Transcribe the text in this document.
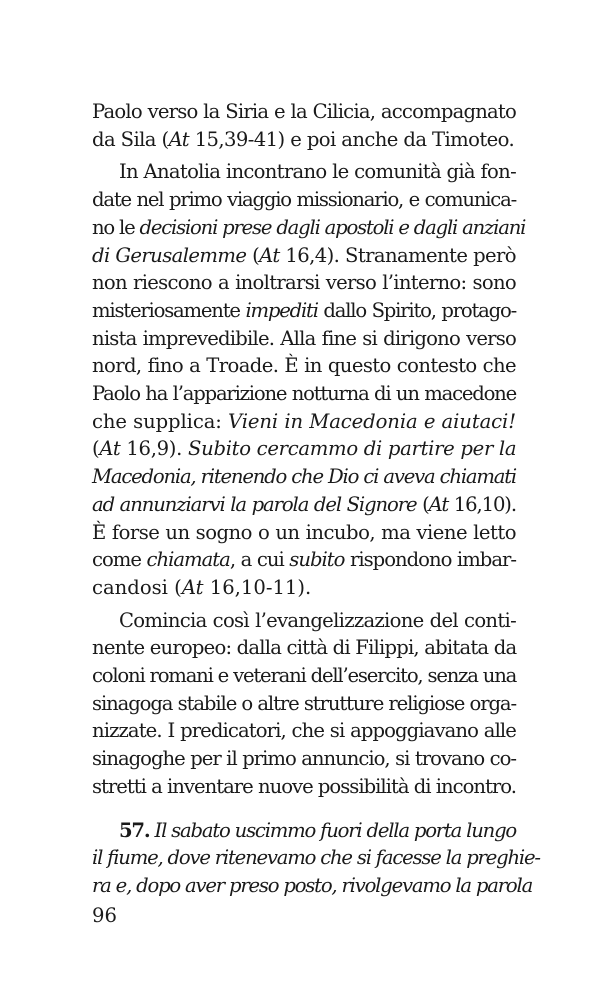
Paolo verso la Siria e la Cilicia, accompagnato
da Sila (At 15,39-41) e poi anche da Timoteo.

In Anatolia incontrano le comunità già fon-
date nel primo viaggio missionario, e comunica-
no le decisioni prese dagli apostoli e dagli anziani
di Gerusalemme (At 16,4). Stranamente però
non riescono a inoltrarsi verso l’interno: sono
misteriosamente impediti dallo Spirito, protago-
nista imprevedibile. Alla fine si dirigono verso
nord, fino a Troade. È in questo contesto che
Paolo ha l’apparizione notturna di un macedone
che supplica: Vieni in Macedonia e aiutaci!
(At 16,9). Subito cercammo di partire per la
Macedonia, ritenendo che Dio ci aveva chiamati
ad annunziarvi la parola del Signore (At 16,10).
È forse un sogno o un incubo, ma viene letto
come chiamata, a cui subito rispondono imbar-
candosi (At 16,10-11).

Comincia così l’evangelizzazione del conti-
nente europeo: dalla città di Filippi, abitata da
coloni romani e veterani dell’esercito, senza una
sinagoga stabile o altre strutture religiose orga-
nizzate. I predicatori, che si appoggiavano alle
sinagoghe per il primo annuncio, si trovano co-
stretti a inventare nuove possibilità di incontro.

57. Il sabato uscimmo fuori della porta lungo
il fiume, dove ritenevamo che si facesse la preghie-
ra e, dopo aver preso posto, rivolgevamo la parola

96
